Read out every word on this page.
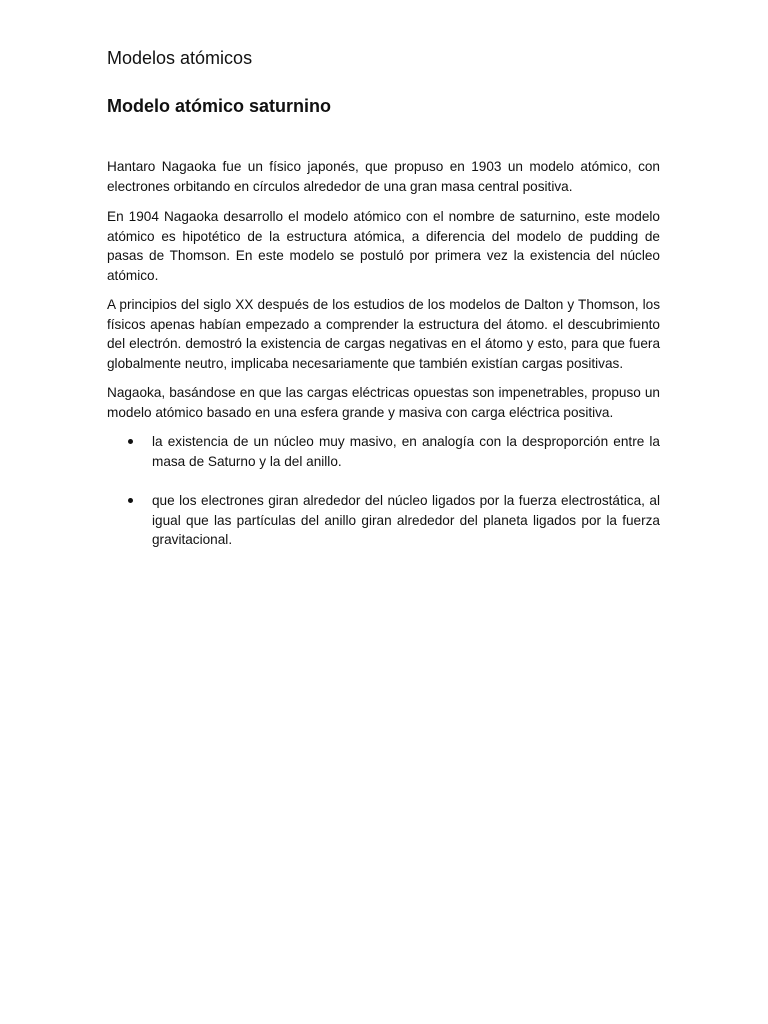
Modelos atómicos
Modelo atómico saturnino

Hantaro Nagaoka fue un físico japonés, que propuso en 1903 un modelo atómico, con electrones orbitando en círculos alrededor de una gran masa central positiva.

En 1904 Nagaoka desarrollo el modelo atómico con el nombre de saturnino, este modelo atómico es hipotético de la estructura atómica, a diferencia del modelo de pudding de pasas de Thomson. En este modelo se postuló por primera vez la existencia del núcleo atómico.

A principios del siglo XX después de los estudios de los modelos de Dalton y Thomson, los físicos apenas habían empezado a comprender la estructura del átomo. el descubrimiento del electrón. demostró la existencia de cargas negativas en el átomo y esto, para que fuera globalmente neutro, implicaba necesariamente que también existían cargas positivas.

Nagaoka, basándose en que las cargas eléctricas opuestas son impenetrables, propuso un modelo atómico basado en una esfera grande y masiva con carga eléctrica positiva.

la existencia de un núcleo muy masivo, en analogía con la desproporción entre la masa de Saturno y la del anillo.
que los electrones giran alrededor del núcleo ligados por la fuerza electrostática, al igual que las partículas del anillo giran alrededor del planeta ligados por la fuerza gravitacional.
